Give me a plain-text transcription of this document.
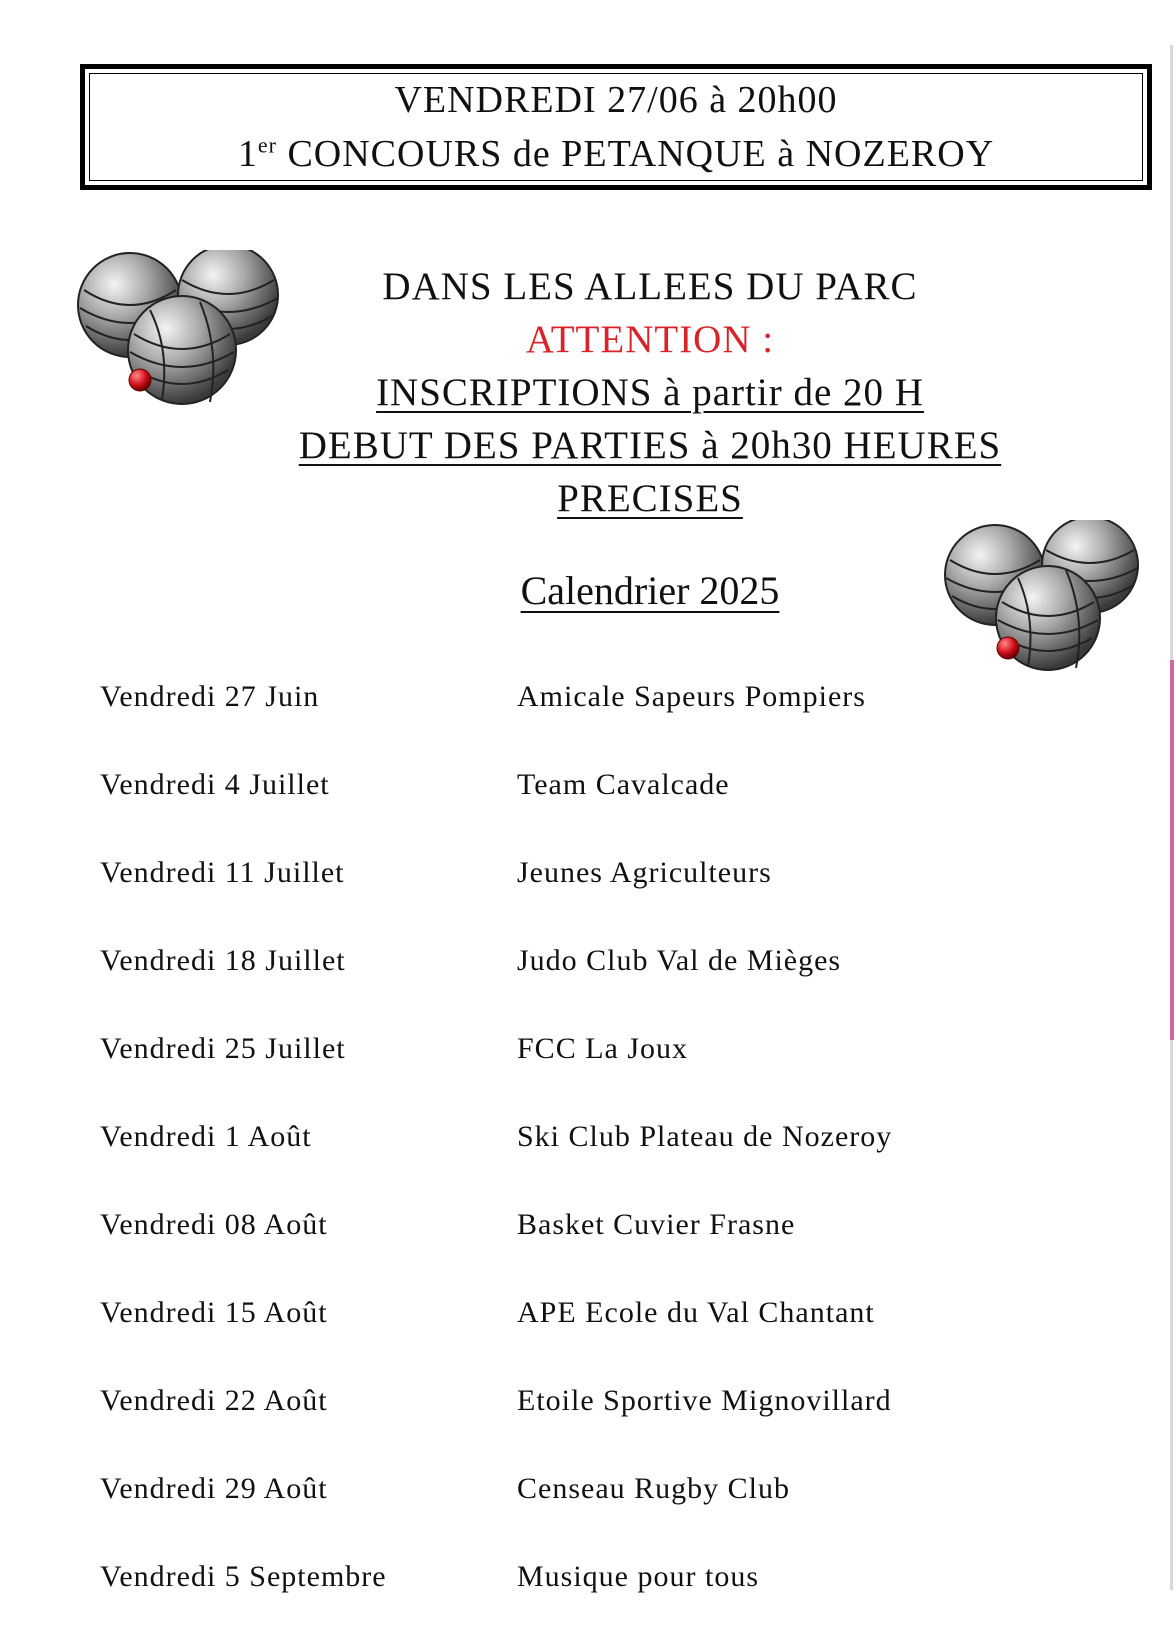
VENDREDI 27/06 à 20h00
1er CONCOURS de PETANQUE à NOZEROY
DANS LES ALLEES DU PARC
ATTENTION :
INSCRIPTIONS à partir de 20 H
DEBUT DES PARTIES à 20h30 HEURES
PRECISES
Calendrier 2025
Vendredi 27 Juin	Amicale Sapeurs Pompiers
Vendredi 4 Juillet	Team Cavalcade
Vendredi 11 Juillet	Jeunes Agriculteurs
Vendredi 18 Juillet	Judo Club Val de Mièges
Vendredi 25 Juillet	FCC La Joux
Vendredi 1 Août	Ski Club Plateau de Nozeroy
Vendredi 08 Août	Basket Cuvier Frasne
Vendredi 15 Août	APE Ecole du Val Chantant
Vendredi 22 Août	Etoile Sportive Mignovillard
Vendredi 29 Août	Censeau Rugby Club
Vendredi 5 Septembre	Musique pour tous
